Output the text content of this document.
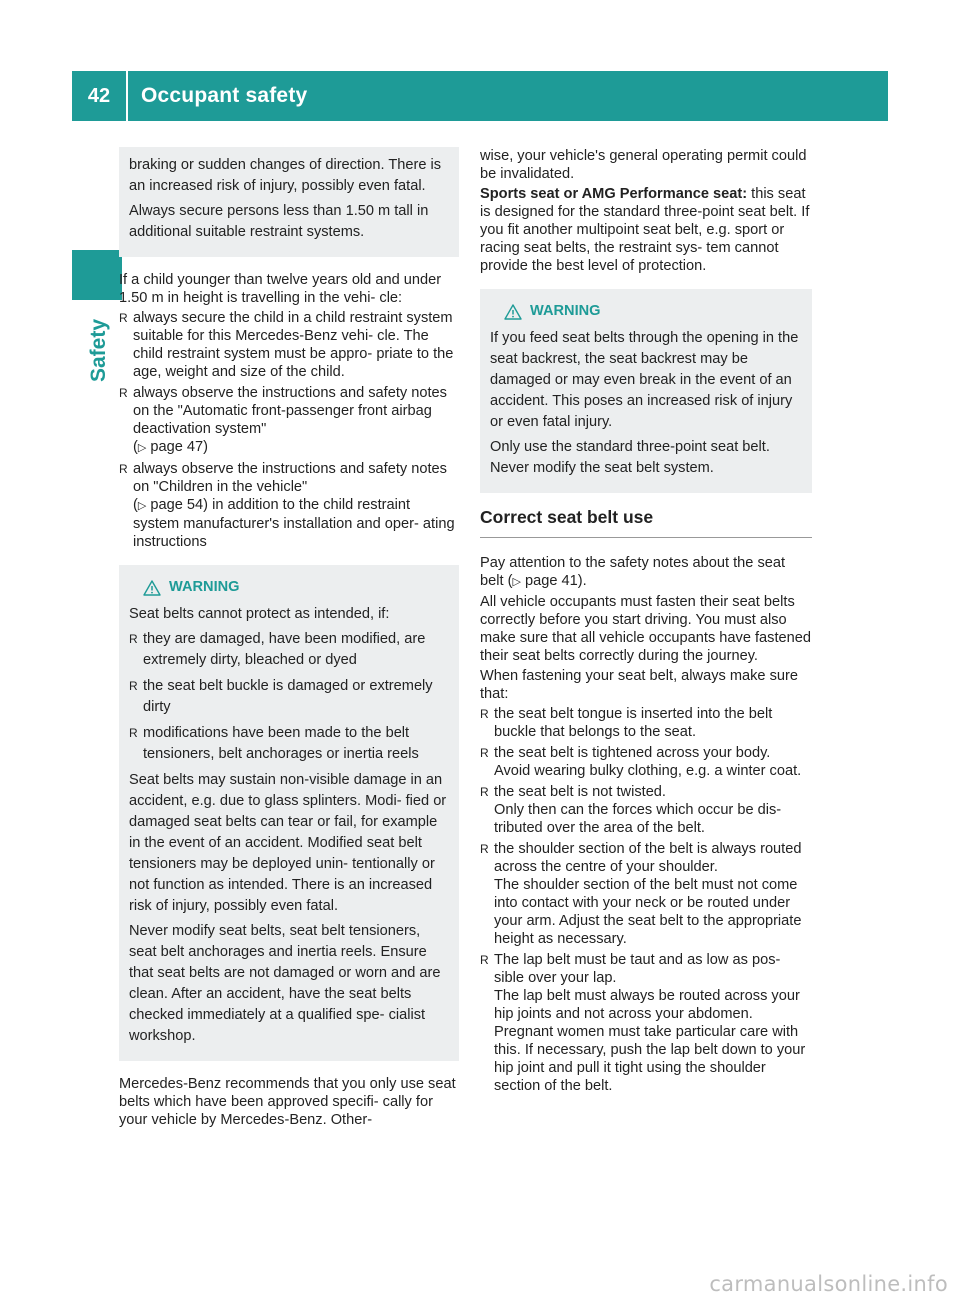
42	Occupant safety
Safety

braking or sudden changes of direction. There is an increased risk of injury, possibly even fatal.

Always secure persons less than 1.50 m tall in additional suitable restraint systems.

If a child younger than twelve years old and under 1.50 m in height is travelling in the vehi- cle:

R always secure the child in a child restraint system suitable for this Mercedes-Benz vehi- cle. The child restraint system must be appro- priate to the age, weight and size of the child.
R always observe the instructions and safety notes on the "Automatic front-passenger front airbag deactivation system"
(▷ page 47)
R always observe the instructions and safety notes on "Children in the vehicle"
(▷ page 54) in addition to the child restraint system manufacturer's installation and oper- ating instructions
WARNING

Seat belts cannot protect as intended, if:

R they are damaged, have been modified, are extremely dirty, bleached or dyed
R the seat belt buckle is damaged or extremely dirty
R modifications have been made to the belt tensioners, belt anchorages or inertia reels

Seat belts may sustain non-visible damage in an accident, e.g. due to glass splinters. Modi- fied or damaged seat belts can tear or fail, for example in the event of an accident. Modified seat belt tensioners may be deployed unin- tentionally or not function as intended. There is an increased risk of injury, possibly even fatal.

Never modify seat belts, seat belt tensioners, seat belt anchorages and inertia reels. Ensure that seat belts are not damaged or worn and are clean. After an accident, have the seat belts checked immediately at a qualified spe- cialist workshop.

Mercedes-Benz recommends that you only use seat belts which have been approved specifi- cally for your vehicle by Mercedes-Benz. Other-

wise, your vehicle's general operating permit could be invalidated.

Sports seat or AMG Performance seat: this seat is designed for the standard three-point seat belt. If you fit another multipoint seat belt, e.g. sport or racing seat belts, the restraint sys- tem cannot provide the best level of protection.

WARNING

If you feed seat belts through the opening in the seat backrest, the seat backrest may be damaged or may even break in the event of an accident. This poses an increased risk of injury or even fatal injury.

Only use the standard three-point seat belt. Never modify the seat belt system.

Correct seat belt use

Pay attention to the safety notes about the seat belt (▷ page 41).

All vehicle occupants must fasten their seat belts correctly before you start driving. You must also make sure that all vehicle occupants have fastened their seat belts correctly during the journey.

When fastening your seat belt, always make sure that:

R the seat belt tongue is inserted into the belt buckle that belongs to the seat.
R the seat belt is tightened across your body.
Avoid wearing bulky clothing, e.g. a winter coat.
R the seat belt is not twisted.
Only then can the forces which occur be dis- tributed over the area of the belt.
R the shoulder section of the belt is always routed across the centre of your shoulder.
The shoulder section of the belt must not come into contact with your neck or be routed under your arm. Adjust the seat belt to the appropriate height as necessary.
R The lap belt must be taut and as low as pos- sible over your lap.
The lap belt must always be routed across your hip joints and not across your abdomen. Pregnant women must take particular care with this. If necessary, push the lap belt down to your hip joint and pull it tight using the shoulder section of the belt.
carmanualsonline.info
